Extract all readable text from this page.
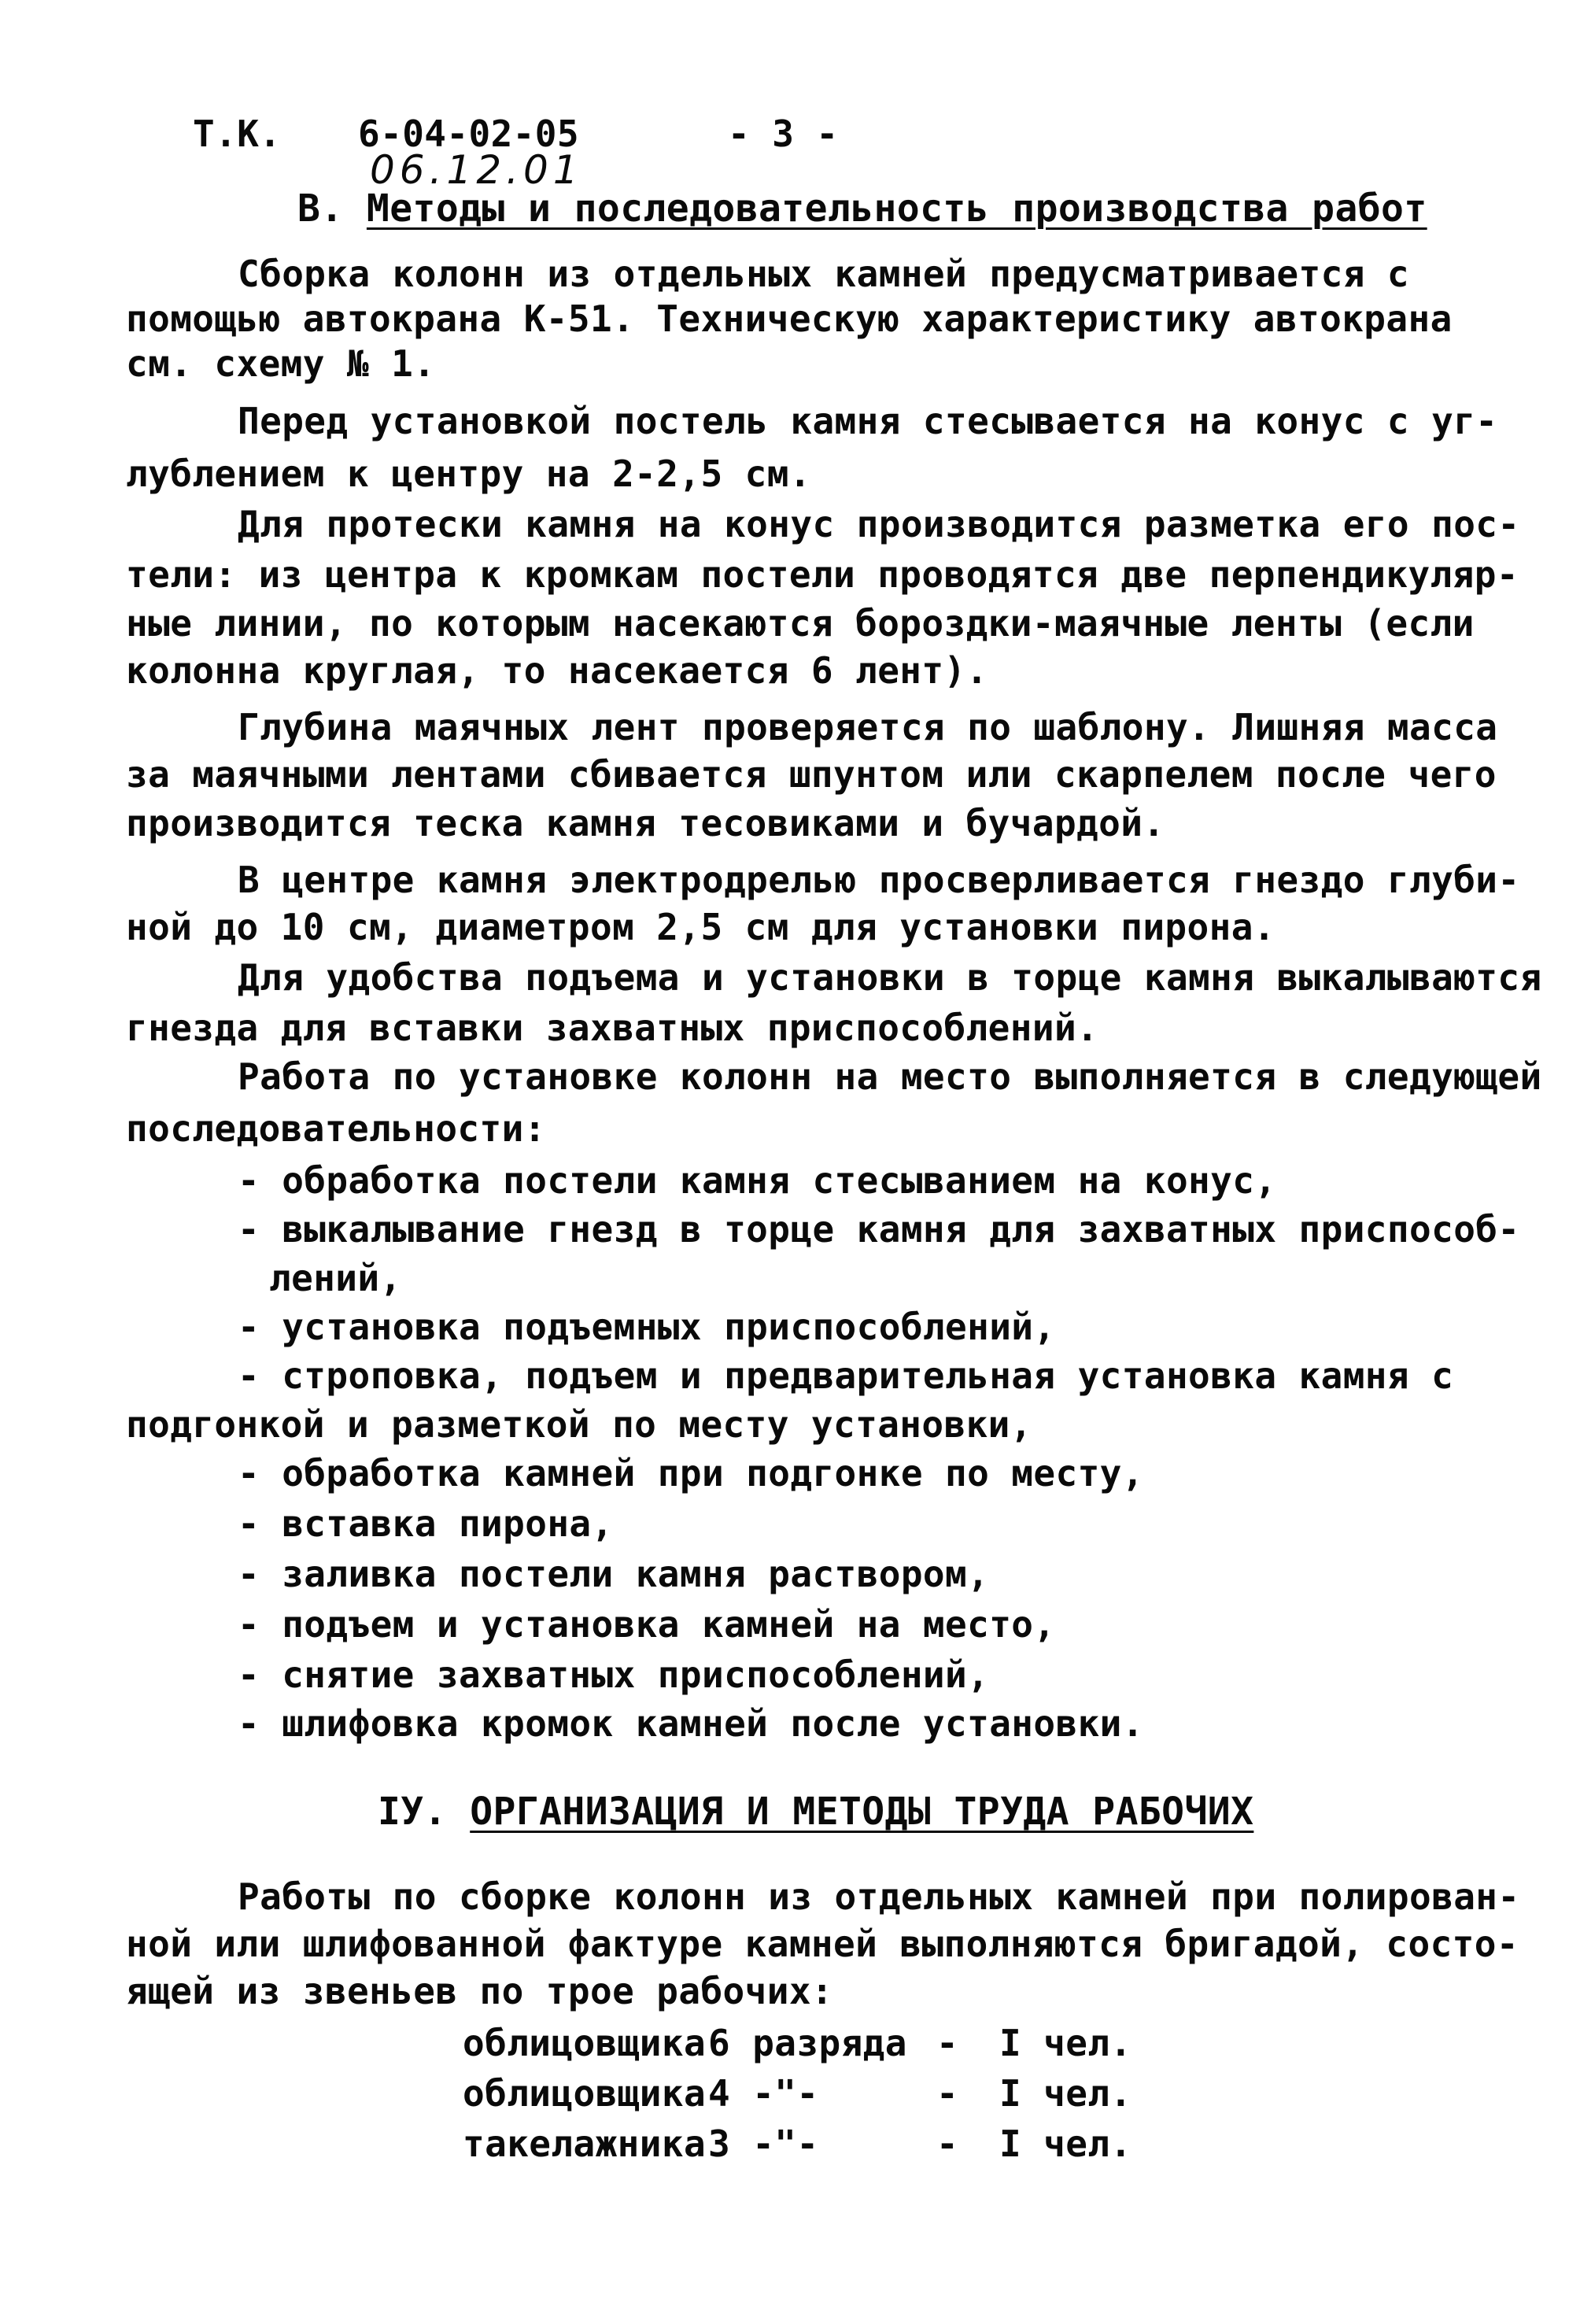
Т.К. 6-04-02-05	- 3 -
06.12.01
В. Методы и последовательность производства работ
Сборка колонн из отдельных камней предусматривается с
помощью автокрана К-51. Техническую характеристику автокрана
см. схему № 1.
Перед установкой постель камня стесывается на конус с уг-
лублением к центру на 2-2,5 см.
Для протески камня на конус производится разметка его пос-
тели: из центра к кромкам постели проводятся две перпендикуляр-
ные линии, по которым насекаются бороздки-маячные ленты (если
колонна круглая, то насекается 6 лент).
Глубина маячных лент проверяется по шаблону. Лишняя масса
за маячными лентами сбивается шпунтом или скарпелем после чего
производится теска камня тесовиками и бучардой.
В центре камня электродрелью просверливается гнездо глуби-
ной до 10 см, диаметром 2,5 см для установки пирона.
Для удобства подъема и установки в торце камня выкалываются
гнезда для вставки захватных приспособлений.
Работа по установке колонн на место выполняется в следующей
последовательности:
- обработка постели камня стесыванием на конус,
- выкалывание гнезд в торце камня для захватных приспособ-
лений,
- установка подъемных приспособлений,
- строповка, подъем и предварительная установка камня с
подгонкой и разметкой по месту установки,
- обработка камней при подгонке по месту,
- вставка пирона,
- заливка постели камня раствором,
- подъем и установка камней на место,
- снятие захватных приспособлений,
- шлифовка кромок камней после установки.
IУ. ОРГАНИЗАЦИЯ И МЕТОДЫ ТРУДА РАБОЧИХ
Работы по сборке колонн из отдельных камней при полирован-
ной или шлифованной фактуре камней выполняются бригадой, состо-
ящей из звеньев по трое рабочих:
облицовщика 6 разряда - I чел.
облицовщика 4 -"-	- I чел.
такелажника 3 -"-	- I чел.
